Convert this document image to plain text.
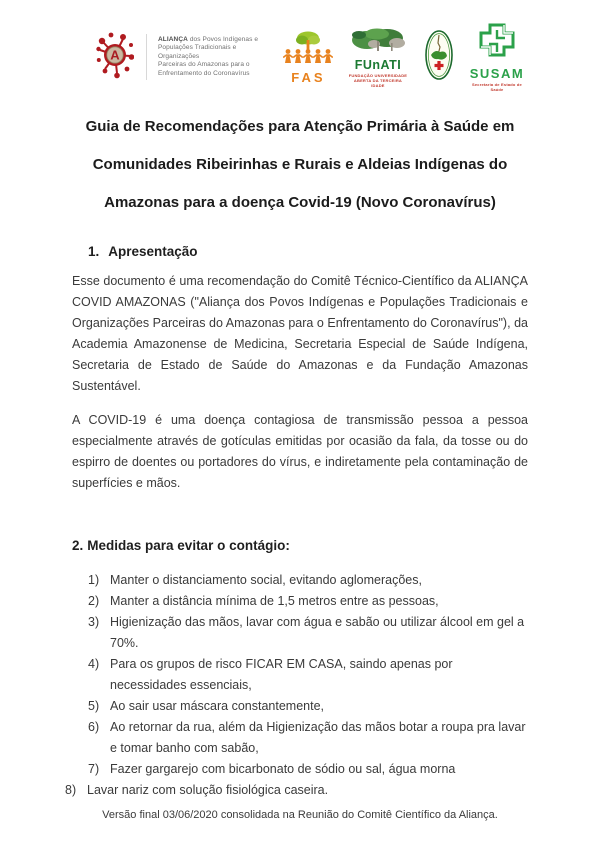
A
ALIANÇA dos Povos Indígenas e
Populações Tradicionais e Organizações
Parceiras do Amazonas para o
Enfrentamento do Coronavírus	FAS
FUnATI
FUNDAÇÃO UNIVERSIDADE
ABERTA DA TERCEIRA IDADE
SUSAM
Secretaria de Estado de Saúde
Guia de Recomendações para Atenção Primária à Saúde em
Comunidades Ribeirinhas e Rurais e Aldeias Indígenas do
Amazonas para a doença Covid-19 (Novo Coronavírus)
1. Apresentação

Esse documento é uma recomendação do Comitê Técnico-Científico da ALIANÇA COVID AMAZONAS ("Aliança dos Povos Indígenas e Populações Tradicionais e Organizações Parceiras do Amazonas para o Enfrentamento do Coronavírus"), da Academia Amazonense de Medicina, Secretaria Especial de Saúde Indígena, Secretaria de Estado de Saúde do Amazonas e da Fundação Amazonas Sustentável.

A COVID-19 é uma doença contagiosa de transmissão pessoa a pessoa especialmente através de gotículas emitidas por ocasião da fala, da tosse ou do espirro de doentes ou portadores do vírus, e indiretamente pela contaminação de superfícies e mãos.

2. Medidas para evitar o contágio:
1) Manter o distanciamento social, evitando aglomerações,
2) Manter a distância mínima de 1,5 metros entre as pessoas,
3) Higienização das mãos, lavar com água e sabão ou utilizar álcool em gel a 70%.
4) Para os grupos de risco FICAR EM CASA, saindo apenas por necessidades essenciais,
5) Ao sair usar máscara constantemente,
6) Ao retornar da rua, além da Higienização das mãos botar a roupa pra lavar e tomar banho com sabão,
7) Fazer gargarejo com bicarbonato de sódio ou sal, água morna
8) Lavar nariz com solução fisiológica caseira.
Versão final 03/06/2020 consolidada na Reunião do Comitê Científico da Aliança.
